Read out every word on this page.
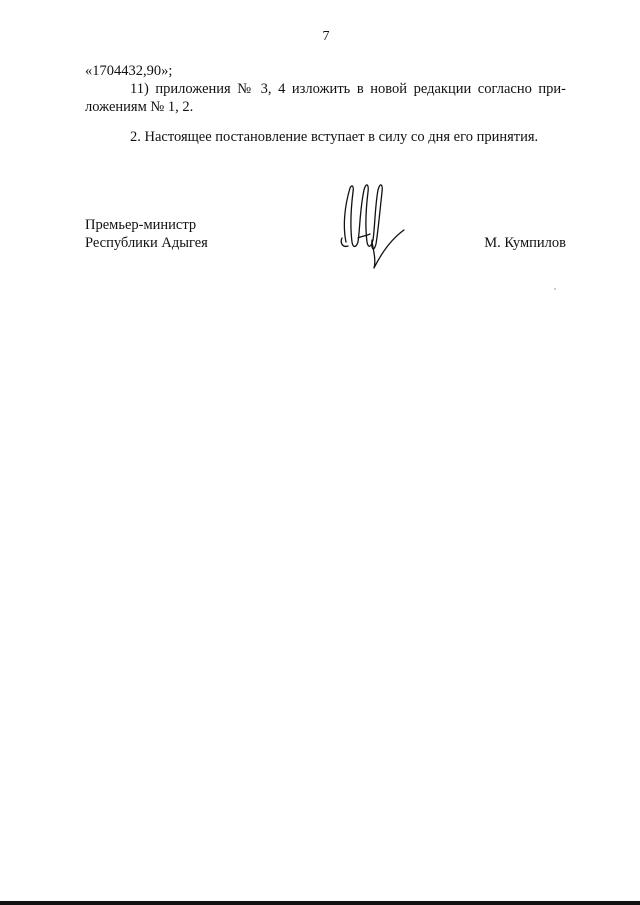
7
«1704432,90»;
11) приложения № 3, 4 изложить в новой редакции согласно при-
ложениям № 1, 2.
2. Настоящее постановление вступает в силу со дня его принятия.
Премьер-министр
Республики Адыгея	М. Кумпилов
